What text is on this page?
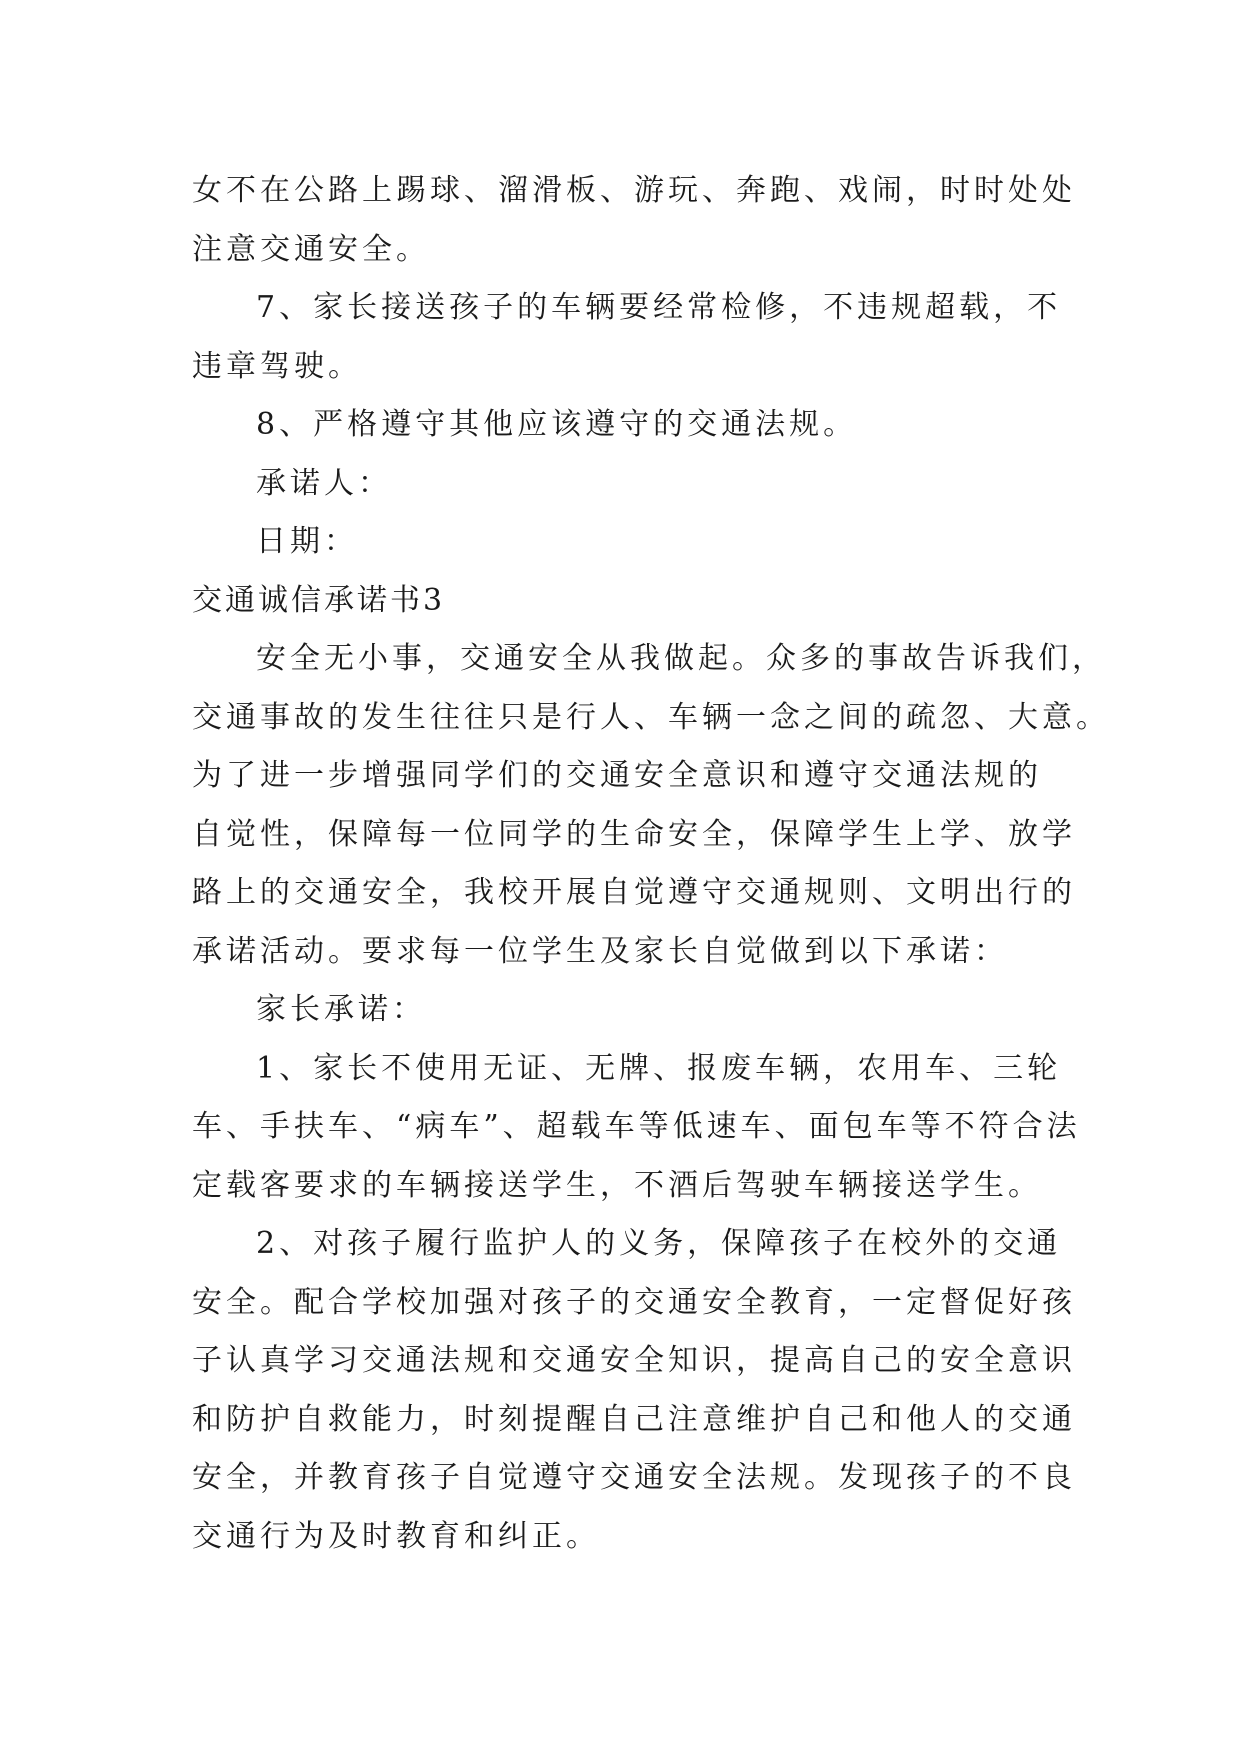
女不在公路上踢球、溜滑板、游玩、奔跑、戏闹，时时处处
注意交通安全。
7、家长接送孩子的车辆要经常检修，不违规超载，不
违章驾驶。
8、严格遵守其他应该遵守的交通法规。
承诺人：
日期：
交通诚信承诺书3
安全无小事，交通安全从我做起。众多的事故告诉我们，
交通事故的发生往往只是行人、车辆一念之间的疏忽、大意。
为了进一步增强同学们的交通安全意识和遵守交通法规的
自觉性，保障每一位同学的生命安全，保障学生上学、放学
路上的交通安全，我校开展自觉遵守交通规则、文明出行的
承诺活动。要求每一位学生及家长自觉做到以下承诺：
家长承诺：
1、家长不使用无证、无牌、报废车辆，农用车、三轮
车、手扶车、“病车”、超载车等低速车、面包车等不符合法
定载客要求的车辆接送学生，不酒后驾驶车辆接送学生。
2、对孩子履行监护人的义务，保障孩子在校外的交通
安全。配合学校加强对孩子的交通安全教育，一定督促好孩
子认真学习交通法规和交通安全知识，提高自己的安全意识
和防护自救能力，时刻提醒自己注意维护自己和他人的交通
安全，并教育孩子自觉遵守交通安全法规。发现孩子的不良
交通行为及时教育和纠正。
